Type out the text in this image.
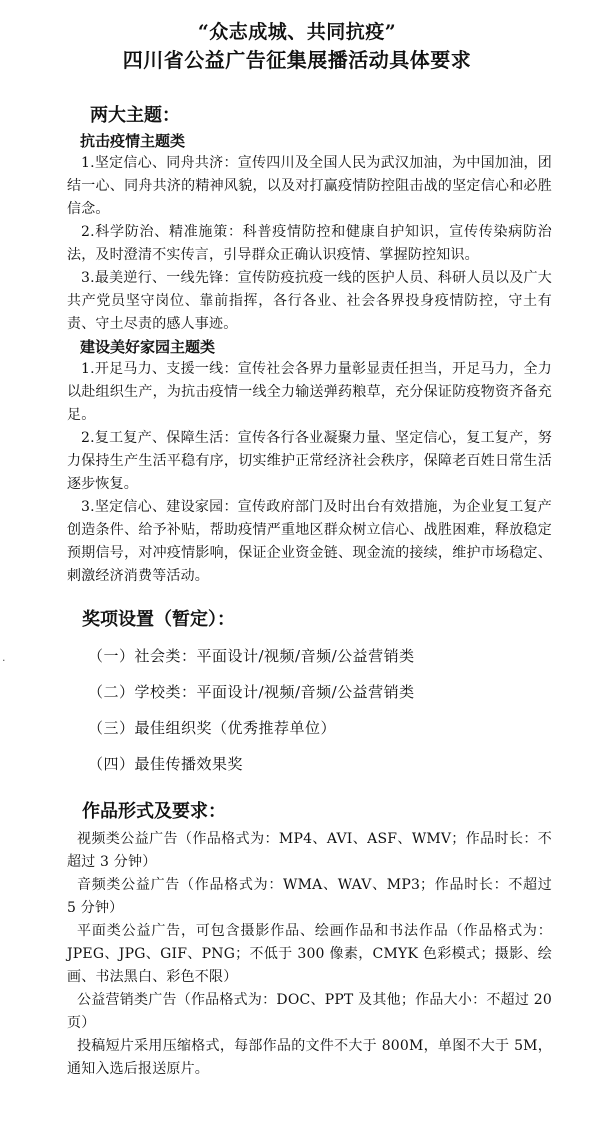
“众志成城、共同抗疫”
四川省公益广告征集展播活动具体要求
两大主题：
抗击疫情主题类
1.坚定信心、同舟共济：宣传四川及全国人民为武汉加油，为中国加油，团结一心、同舟共济的精神风貌，以及对打赢疫情防控阻击战的坚定信心和必胜信念。
2.科学防治、精准施策：科普疫情防控和健康自护知识，宣传传染病防治法，及时澄清不实传言，引导群众正确认识疫情、掌握防控知识。
3.最美逆行、一线先锋：宣传防疫抗疫一线的医护人员、科研人员以及广大共产党员坚守岗位、靠前指挥，各行各业、社会各界投身疫情防控，守土有责、守土尽责的感人事迹。
建设美好家园主题类
1.开足马力、支援一线：宣传社会各界力量彰显责任担当，开足马力，全力以赴组织生产，为抗击疫情一线全力输送弹药粮草，充分保证防疫物资齐备充足。
2.复工复产、保障生活：宣传各行各业凝聚力量、坚定信心，复工复产，努力保持生产生活平稳有序，切实维护正常经济社会秩序，保障老百姓日常生活逐步恢复。
3.坚定信心、建设家园：宣传政府部门及时出台有效措施，为企业复工复产创造条件、给予补贴，帮助疫情严重地区群众树立信心、战胜困难，释放稳定预期信号，对冲疫情影响，保证企业资金链、现金流的接续，维护市场稳定、刺激经济消费等活动。
奖项设置（暂定）：
（一）社会类：平面设计/视频/音频/公益营销类
（二）学校类：平面设计/视频/音频/公益营销类
（三）最佳组织奖（优秀推荐单位）
（四）最佳传播效果奖
作品形式及要求：
视频类公益广告（作品格式为：MP4、AVI、ASF、WMV；作品时长：不超过 3 分钟）
音频类公益广告（作品格式为：WMA、WAV、MP3；作品时长：不超过 5 分钟）
平面类公益广告，可包含摄影作品、绘画作品和书法作品（作品格式为：JPEG、JPG、GIF、PNG；不低于 300 像素，CMYK 色彩模式；摄影、绘画、书法黑白、彩色不限）
公益营销类广告（作品格式为：DOC、PPT 及其他；作品大小：不超过 20 页）
投稿短片采用压缩格式，每部作品的文件不大于 800M，单图不大于 5M，通知入选后报送原片。
·
